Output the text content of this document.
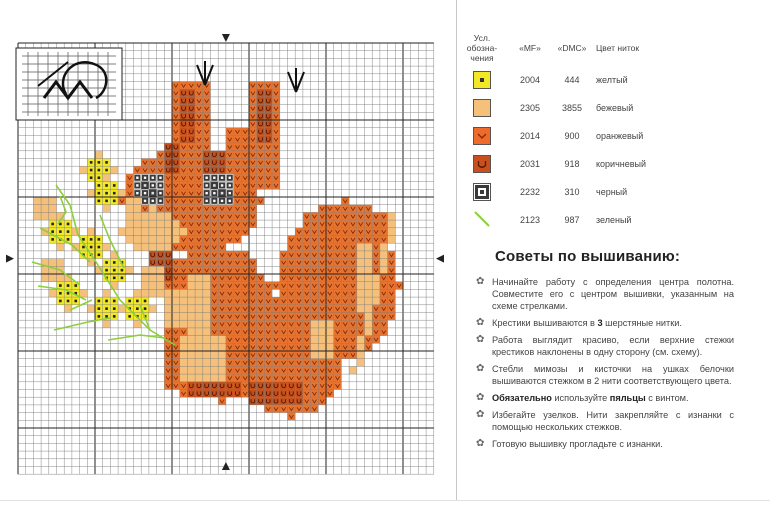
Усл. обозна-чения	«MF»	«DMC»	Цвет ниток

	2004	444	желтый
	2305	3855	бежевый

	2014	900	оранжевый

	2031	918	коричневый

	2232	310	черный
	2123	987	зеленый
Советы по вышиванию:
✿ Начинайте работу с определения центра полотна. Совместите его с центром вышивки, указанным на схеме стрелками.
✿ Крестики вышиваются в 3 шерстяные нитки.
✿ Работа выглядит красиво, если верхние стежки крестиков наклонены в одну сторону (см. схему).
✿ Стебли мимозы и кисточки на ушках белочки вышиваются стежком в 2 нити соответствующего цвета.
✿ Обязательно используйте пяльцы с винтом.
✿ Избегайте узелков. Нити закрепляйте с изнанки с помощью нескольких стежков.
✿ Готовую вышивку прогладьте с изнанки.
